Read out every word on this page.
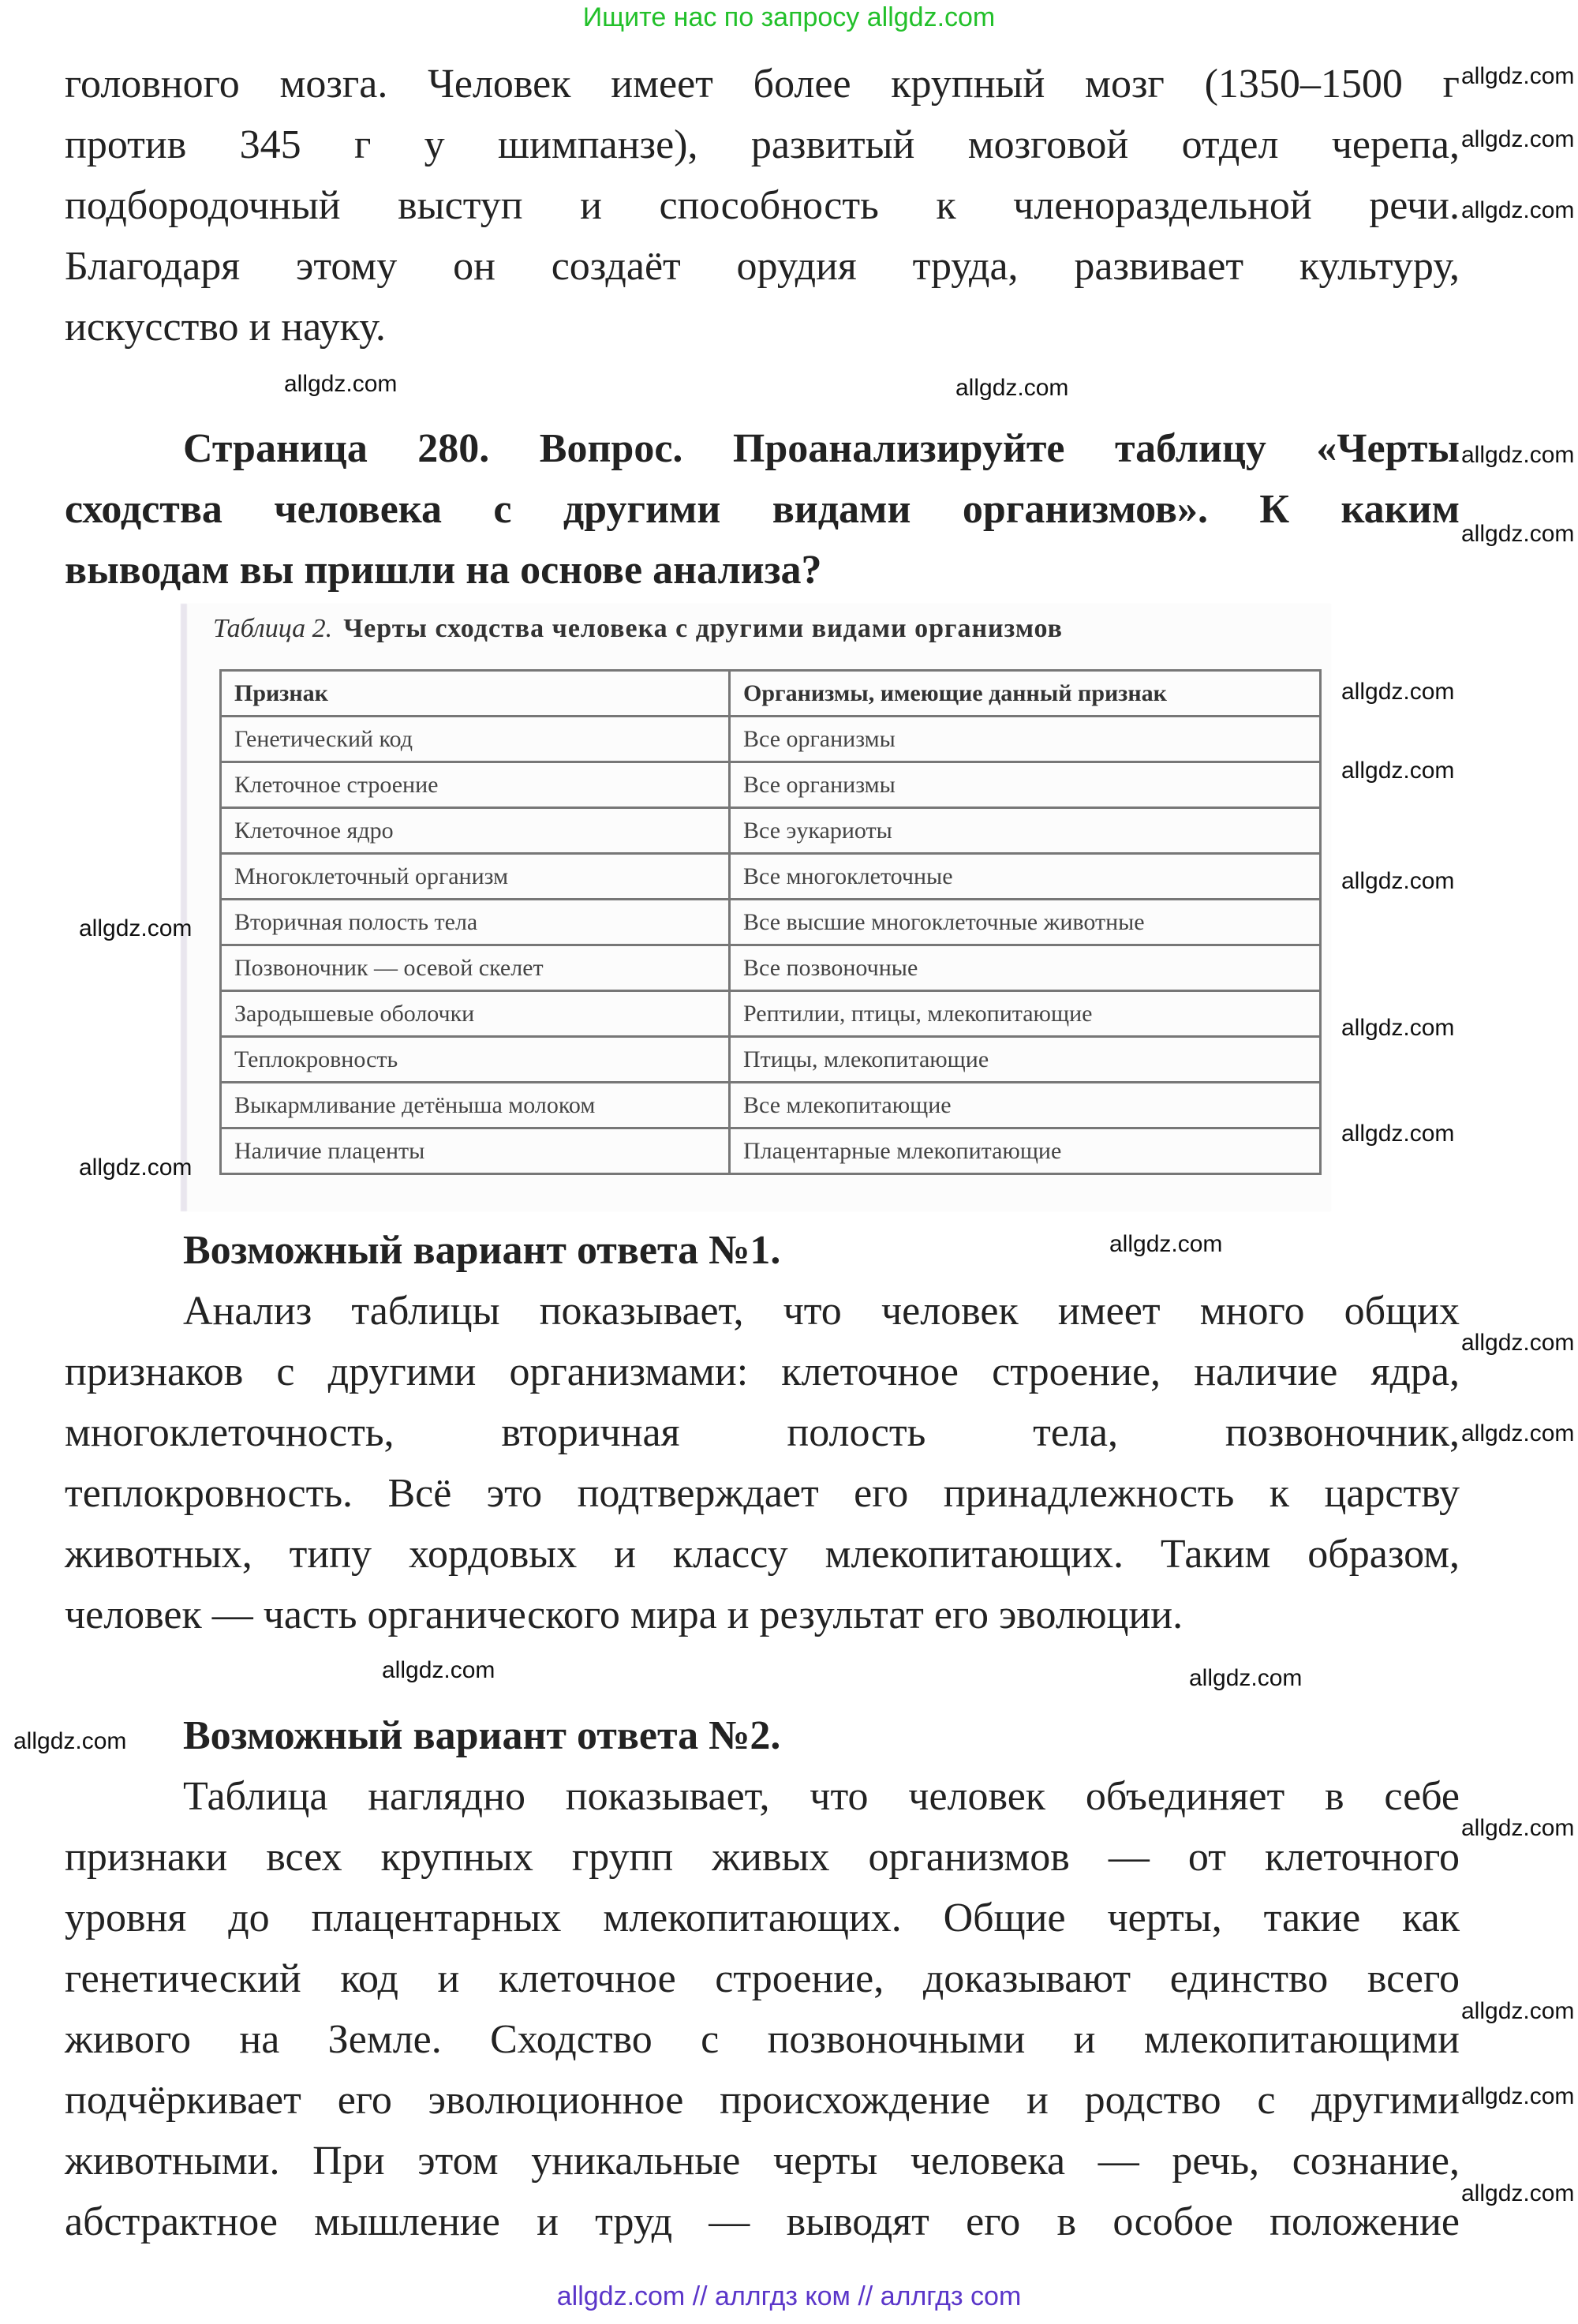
Ищите нас по запросу allgdz.com
головного мозга. Человек имеет более крупный мозг (1350–1500 г
против 345 г у шимпанзе), развитый мозговой отдел черепа,
подбородочный выступ и способность к членораздельной речи.
Благодаря этому он создаёт орудия труда, развивает культуру,
искусство и науку.
Страница 280. Вопрос. Проанализируйте таблицу «Черты
сходства человека с другими видами организмов». К каким
выводам вы пришли на основе анализа?
Таблица 2. Черты сходства человека с другими видами организмов
Признак	Организмы, имеющие данный признак
Генетический код	Все организмы
Клеточное строение	Все организмы
Клеточное ядро	Все эукариоты
Многоклеточный организм	Все многоклеточные
Вторичная полость тела	Все высшие многоклеточные животные
Позвоночник — осевой скелет	Все позвоночные
Зародышевые оболочки	Рептилии, птицы, млекопитающие
Теплокровность	Птицы, млекопитающие
Выкармливание детёныша молоком	Все млекопитающие
Наличие плаценты	Плацентарные млекопитающие
Возможный вариант ответа №1.
Анализ таблицы показывает, что человек имеет много общих
признаков с другими организмами: клеточное строение, наличие ядра,
многоклеточность, вторичная полость тела, позвоночник,
теплокровность. Всё это подтверждает его принадлежность к царству
животных, типу хордовых и классу млекопитающих. Таким образом,
человек — часть органического мира и результат его эволюции.
Возможный вариант ответа №2.
Таблица наглядно показывает, что человек объединяет в себе
признаки всех крупных групп живых организмов — от клеточного
уровня до плацентарных млекопитающих. Общие черты, такие как
генетический код и клеточное строение, доказывают единство всего
живого на Земле. Сходство с позвоночными и млекопитающими
подчёркивает его эволюционное происхождение и родство с другими
животными. При этом уникальные черты человека — речь, сознание,
абстрактное мышление и труд — выводят его в особое положение
allgdz.com
allgdz.com
allgdz.com
allgdz.com	allgdz.com
allgdz.com
allgdz.com
allgdz.com
allgdz.com
allgdz.com
allgdz.com
allgdz.com
allgdz.com
allgdz.com
allgdz.com
allgdz.com
allgdz.com
allgdz.com	allgdz.com
allgdz.com
allgdz.com
allgdz.com
allgdz.com
allgdz.com
allgdz.com // аллгдз ком // аллгдз com
